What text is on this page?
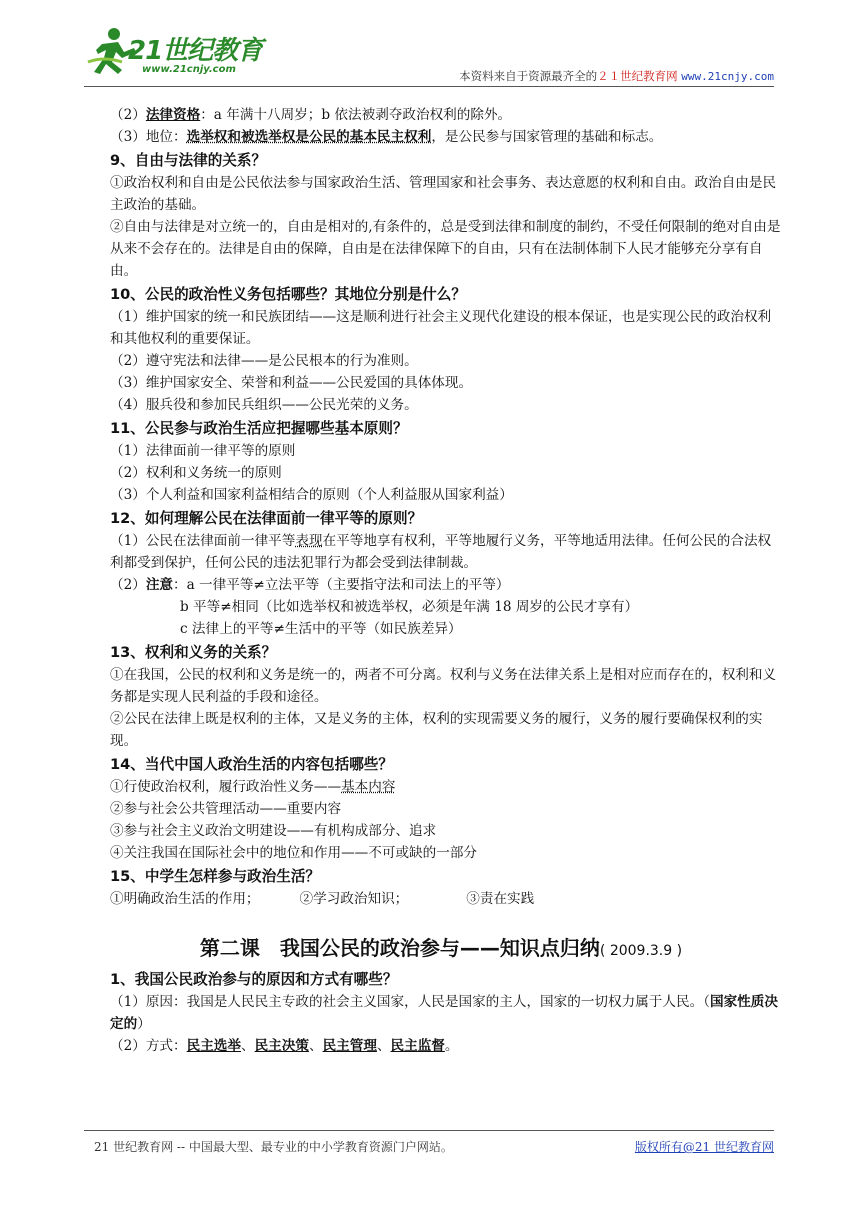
21世纪教育
www.21cnjy.com	本资料来自于资源最齐全的２１世纪教育网 www.21cnjy.com

（2）法律资格：a 年满十八周岁；b 依法被剥夺政治权利的除外。

（3）地位：选举权和被选举权是公民的基本民主权利，是公民参与国家管理的基础和标志。

9、自由与法律的关系？

①政治权利和自由是公民依法参与国家政治生活、管理国家和社会事务、表达意愿的权利和自由。政治自由是民主政治的基础。

②自由与法律是对立统一的，自由是相对的,有条件的，总是受到法律和制度的制约，不受任何限制的绝对自由是从来不会存在的。法律是自由的保障，自由是在法律保障下的自由，只有在法制体制下人民才能够充分享有自由。

10、公民的政治性义务包括哪些？其地位分别是什么？

（1）维护国家的统一和民族团结——这是顺利进行社会主义现代化建设的根本保证，也是实现公民的政治权利和其他权利的重要保证。

（2）遵守宪法和法律——是公民根本的行为准则。

（3）维护国家安全、荣誉和利益——公民爱国的具体体现。

（4）服兵役和参加民兵组织——公民光荣的义务。

11、公民参与政治生活应把握哪些基本原则？

（1）法律面前一律平等的原则

（2）权利和义务统一的原则

（3）个人利益和国家利益相结合的原则（个人利益服从国家利益）

12、如何理解公民在法律面前一律平等的原则？

（1）公民在法律面前一律平等表现在平等地享有权利，平等地履行义务，平等地适用法律。任何公民的合法权利都受到保护，任何公民的违法犯罪行为都会受到法律制裁。

（2）注意：a 一律平等≠立法平等（主要指守法和司法上的平等）

b 平等≠相同（比如选举权和被选举权，必须是年满 18 周岁的公民才享有）

c 法律上的平等≠生活中的平等（如民族差异）

13、权利和义务的关系？

①在我国，公民的权利和义务是统一的，两者不可分离。权利与义务在法律关系上是相对应而存在的，权利和义务都是实现人民利益的手段和途径。

②公民在法律上既是权利的主体，又是义务的主体，权利的实现需要义务的履行，义务的履行要确保权利的实现。

14、当代中国人政治生活的内容包括哪些？

①行使政治权利，履行政治性义务——基本内容

②参与社会公共管理活动——重要内容

③参与社会主义政治文明建设——有机构成部分、追求

④关注我国在国际社会中的地位和作用——不可或缺的一部分

15、中学生怎样参与政治生活？

①明确政治生活的作用；	②学习政治知识；	③责在实践

第二课　我国公民的政治参与——知识点归纳( 2009.3.9 )

1、我国公民政治参与的原因和方式有哪些？

（1）原因：我国是人民民主专政的社会主义国家，人民是国家的主人，国家的一切权力属于人民。（国家性质决定的）

（2）方式：民主选举、民主决策、民主管理、民主监督。

21 世纪教育网 -- 中国最大型、最专业的中小学教育资源门户网站。	版权所有@21 世纪教育网
